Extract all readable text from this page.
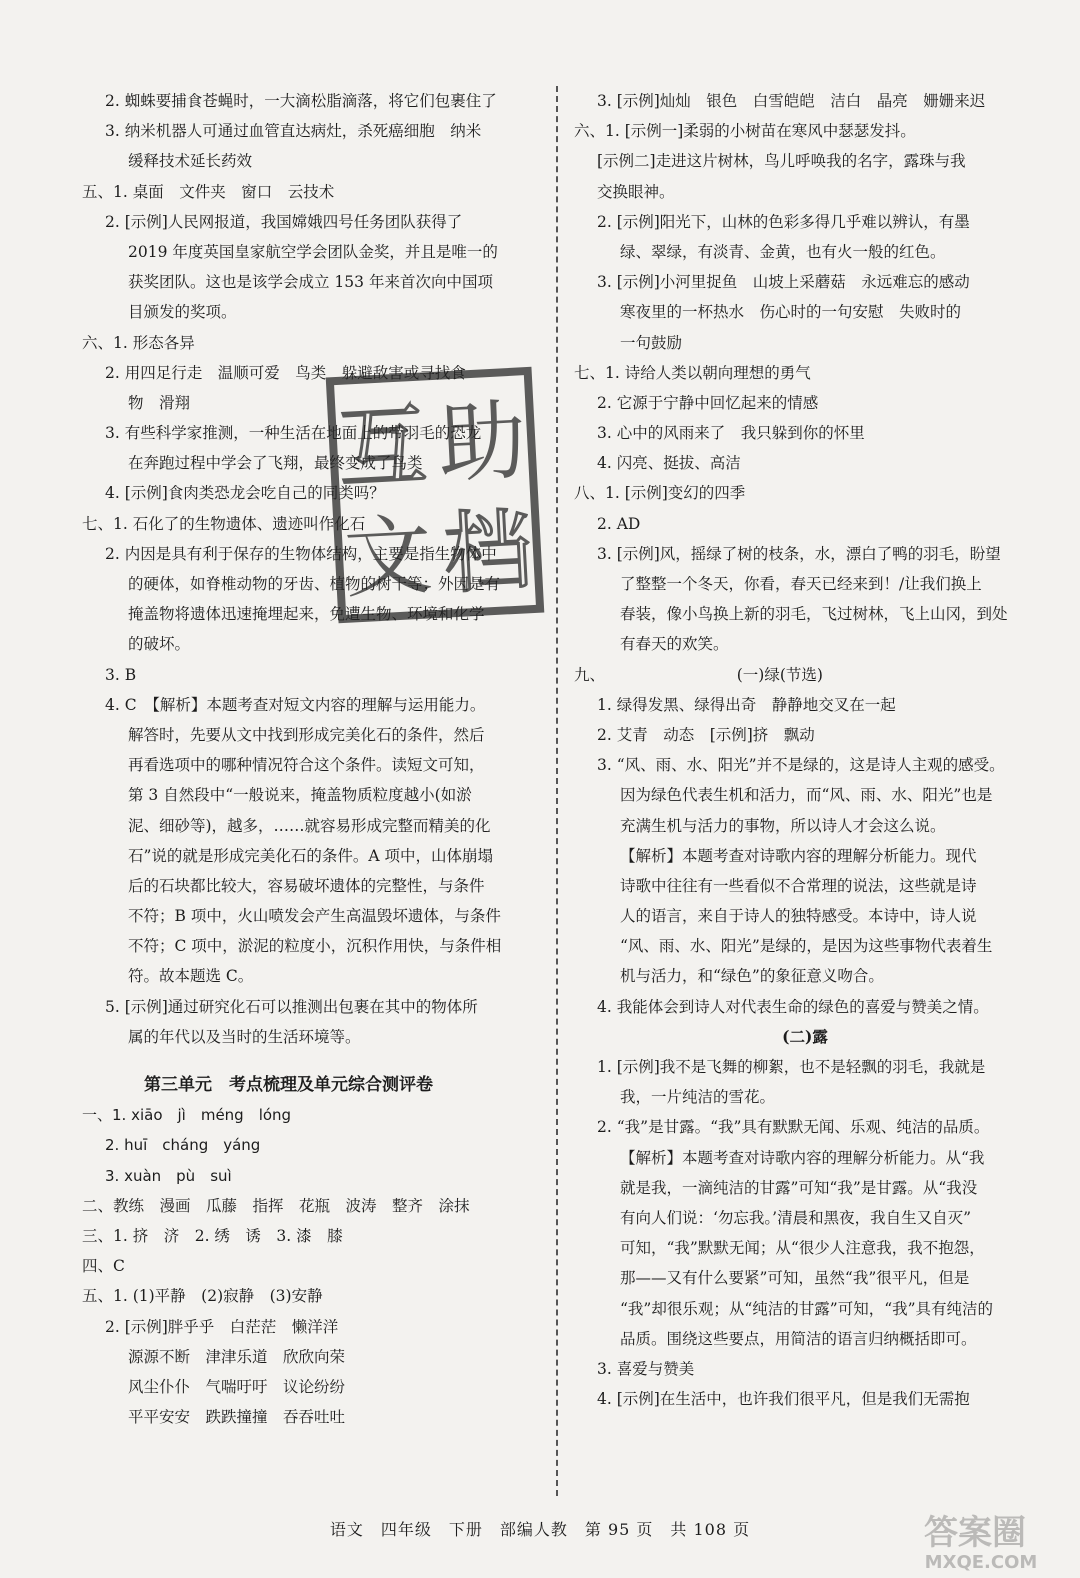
2. 蜘蛛要捕食苍蝇时，一大滴松脂滴落，将它们包裹住了
3. 纳米机器人可通过血管直达病灶，杀死癌细胞　纳米
缓释技术延长药效
五、1. 桌面　文件夹　窗口　云技术
2. [示例]人民网报道，我国嫦娥四号任务团队获得了
2019 年度英国皇家航空学会团队金奖，并且是唯一的
获奖团队。这也是该学会成立 153 年来首次向中国项
目颁发的奖项。
六、1. 形态各异
2. 用四足行走　温顺可爱　鸟类　躲避敌害或寻找食
物　滑翔
3. 有些科学家推测，一种生活在地面上的带羽毛的恐龙
在奔跑过程中学会了飞翔，最终变成了鸟类
4. [示例]食肉类恐龙会吃自己的同类吗？
七、1. 石化了的生物遗体、遗迹叫作化石
2. 内因是具有利于保存的生物体结构，主要是指生物体中
的硬体，如脊椎动物的牙齿、植物的树干等；外因是有
掩盖物将遗体迅速掩埋起来，免遭生物、环境和化学
的破坏。
3. B
4. C　【解析】本题考查对短文内容的理解与运用能力。
解答时，先要从文中找到形成完美化石的条件，然后
再看选项中的哪种情况符合这个条件。读短文可知，
第 3 自然段中“一般说来，掩盖物质粒度越小(如淤
泥、细砂等)，越多，……就容易形成完整而精美的化
石”说的就是形成完美化石的条件。A 项中，山体崩塌
后的石块都比较大，容易破坏遗体的完整性，与条件
不符；B 项中，火山喷发会产生高温毁坏遗体，与条件
不符；C 项中，淤泥的粒度小，沉积作用快，与条件相
符。故本题选 C。
5. [示例]通过研究化石可以推测出包裹在其中的物体所
属的年代以及当时的生活环境等。
第三单元　考点梳理及单元综合测评卷
一、1. xiāo　jì　méng　lóng
2. huī　cháng　yáng
3. xuàn　pù　suì
二、教练　漫画　瓜藤　指挥　花瓶　波涛　整齐　涂抹
三、1. 挤　济　2. 绣　诱　3. 漆　膝
四、C
五、1. (1)平静　(2)寂静　(3)安静
2. [示例]胖乎乎　白茫茫　懒洋洋
源源不断　津津乐道　欣欣向荣
风尘仆仆　气喘吁吁　议论纷纷
平平安安　跌跌撞撞　吞吞吐吐
3. [示例]灿灿　银色　白雪皑皑　洁白　晶亮　姗姗来迟
六、1. [示例一]柔弱的小树苗在寒风中瑟瑟发抖。
[示例二]走进这片树林，鸟儿呼唤我的名字，露珠与我
交换眼神。
2. [示例]阳光下，山林的色彩多得几乎难以辨认，有墨
绿、翠绿，有淡青、金黄，也有火一般的红色。
3. [示例]小河里捉鱼　山坡上采蘑菇　永远难忘的感动
寒夜里的一杯热水　伤心时的一句安慰　失败时的
一句鼓励
七、1. 诗给人类以朝向理想的勇气
2. 它源于宁静中回忆起来的情感
3. 心中的风雨来了　我只躲到你的怀里
4. 闪亮、挺拔、高洁
八、1. [示例]变幻的四季
2. AD
3. [示例]风，摇绿了树的枝条，水，漂白了鸭的羽毛，盼望
了整整一个冬天，你看，春天已经来到！/让我们换上
春装，像小鸟换上新的羽毛，飞过树林，飞上山冈，到处
有春天的欢笑。
九、　　　　　　　　　(一)绿(节选)
1. 绿得发黑、绿得出奇　静静地交叉在一起
2. 艾青　动态　[示例]挤　飘动
3. “风、雨、水、阳光”并不是绿的，这是诗人主观的感受。
因为绿色代表生机和活力，而“风、雨、水、阳光”也是
充满生机与活力的事物，所以诗人才会这么说。
【解析】本题考查对诗歌内容的理解分析能力。现代
诗歌中往往有一些看似不合常理的说法，这些就是诗
人的语言，来自于诗人的独特感受。本诗中，诗人说
“风、雨、水、阳光”是绿的，是因为这些事物代表着生
机与活力，和“绿色”的象征意义吻合。
4. 我能体会到诗人对代表生命的绿色的喜爱与赞美之情。
(二)露
1. [示例]我不是飞舞的柳絮，也不是轻飘的羽毛，我就是
我，一片纯洁的雪花。
2. “我”是甘露。“我”具有默默无闻、乐观、纯洁的品质。
【解析】本题考查对诗歌内容的理解分析能力。从“我
就是我，一滴纯洁的甘露”可知“我”是甘露。从“我没
有向人们说：‘勿忘我。’清晨和黑夜，我自生又自灭”
可知，“我”默默无闻；从“很少人注意我，我不抱怨，
那——又有什么要紧”可知，虽然“我”很平凡，但是
“我”却很乐观；从“纯洁的甘露”可知，“我”具有纯洁的
品质。围绕这些要点，用简洁的语言归纳概括即可。
3. 喜爱与赞美
4. [示例]在生活中，也许我们很平凡，但是我们无需抱
语文　四年级　下册　部编人教　第 95 页　共 108 页
互 助
文 档
答案圈
MXQE.COM
